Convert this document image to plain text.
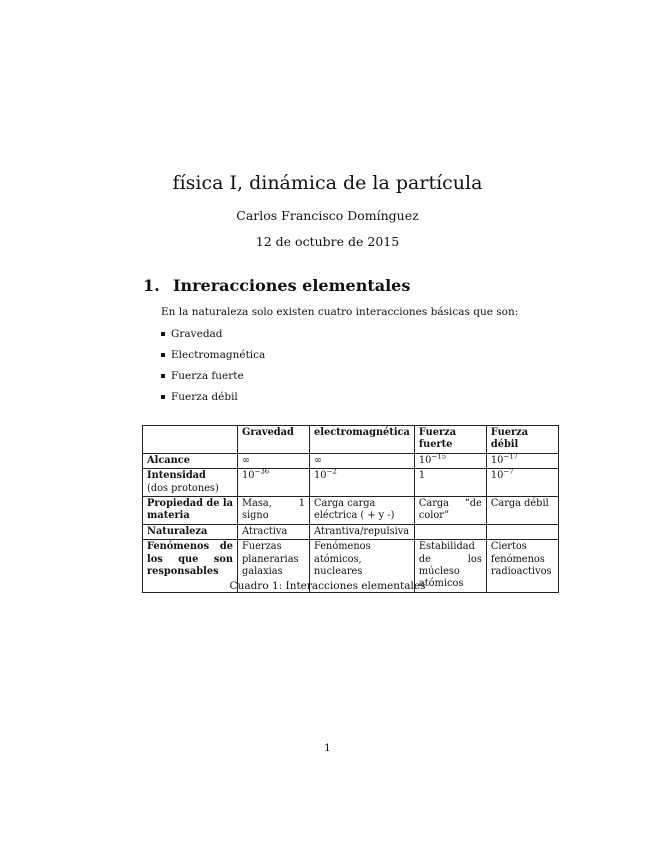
física I, dinámica de la partícula
Carlos Francisco Domínguez
12 de octubre de 2015
1. Inreracciones elementales
En la naturaleza solo existen cuatro interacciones básicas que son:
Gravedad
Electromagnética
Fuerza fuerte
Fuerza débil
	Gravedad	electromagnética	Fuerza fuerte	Fuerza débil
Alcance	∞	∞	$10^{-15}$	$10^{-17}$
Intensidad
(dos protones)	$10^{-36}$	$10^{-2}$	1	$10^{-7}$
Propiedad de la materia	Masa, 1 signo	Carga carga eléctrica ( + y -)	Carga “de color”	Carga débil
Naturaleza	Atractiva	Atrantiva/repulsiva		
Fenómenos de los que son responsables	Fuerzas planerarias galaxias	Fenómenos atómicos, nucleares	Estabilidad de los múcleso atómicos	Ciertos fenómenos radioactivos
Cuadro 1: Interacciones elementales
1
